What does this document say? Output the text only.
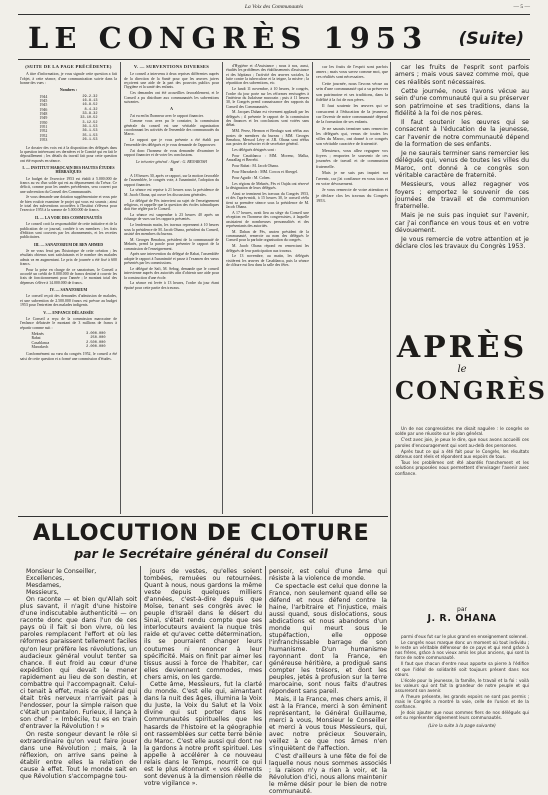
La Voix des Communautés	— 5 —
LE CONGRÈS 1953 (Suite)
(SUITE DE LA PAGE PRÉCÉDENTE)

A titre d'information, je vous signale cette question a fait l'objet, à cette séance, d'une communication suivie dans la bonne des vues :

Nombres :
1944	29-2-32
1945	16-8-13
1945	16-8-52
1946	8-4-32
1948	33-8-32
1949	33-10-52
1950	3-12-52
1951	36-1-53
1952	36-1-53
1952	35-1-53
1953	26-1-53

Le dossier des voix est à la disposition des délégués dans la question intéressant ces dernières et le Comité qui en fait le dépouillement ; les détails du travail fait pour cette question ont été exposés en séance.

I. — INSTITUT MAROCAIN DES HAUTES ÉTUDES HÉBRAÏQUES

Le budget de l'exercice 1953 est établi à 5.000.000 de francs au vu d'un solde qui est au dépassement du Trésor. Ce déficit, comme pour les années précédentes, sera couvert par une subvention du Conseil des Communautés.

Je vous demande une dotation supplémentaire et vous prie de bien vouloir examiner le projet qui vous est soumis ; ainsi le total des subventions accordées à l'Institut s'élèvera pour l'exercice 1953 à la somme de 5.000.000 de francs.

II. — LA VOIE DES COMMUNAUTÉS

Le conseil croit la responsabilité de cette initiative et de la publication de ce journal, confiée à ses membres ; les frais d'édition sont couverts par les abonnements, et les recettes publicitaires.

III. — SANATORIUM DE BEN AHMED

Je ne vous ferai pas l'historique de cette création ; les résultats obtenus sont satisfaisants et le nombre des malades admis va en augmentant. Le prix de journée a été fixé à 600 francs.

Pour la prise en charge de ce sanatorium, le Conseil a accordé un crédit de 8.000.000 de francs destiné à couvrir les frais de fonctionnement pour l'année ; le montant total des dépenses s'élève à 14.000.000 de francs.

IV. — SANATORIUM

Le conseil reçoit des demandes d'admission de malades, et une subvention de 2.500.000 francs est prévue au budget 1953 pour l'entretien des malades indigents.

V. — ENFANCE DÉLAISSÉE

Le Conseil a reçu de la commission marocaine de l'enfance délaissée le montant de 3 millions de francs à répartir comme suit :

Meknès	3.000.000
Rabat	250.000
Casablanca	2.500.000
Marrakech	2.000.000

Conformément au vœu du congrès 1952, le conseil a été saisi de cette question et a formé une commission d'études.

V. — SUBVENTIONS DIVERSES

Le conseil a intervenu à deux reprises différentes auprès de la direction de la Santé pour que les œuvres juives reçoivent une aide de la part des pouvoirs publics pour l'hygiène et la santé des enfants.

Ces demandes ont été accueillies favorablement, et le Conseil a pu distribuer aux communautés les subventions suivantes.

A

J'ai eu enfin l'honneur avec le rapport financier.

Comme vous avez pu le constater, la commission générale du conseil est une véritable organisation coordonnant les activités de l'ensemble des communautés du Maroc.

Le rapport que je vous présente a été établi par l'ensemble des délégués et je vous demande de l'approuver.

J'ai donc l'honneur de vous demander d'examiner le rapport financier et de voter les conclusions.

Le trésorier général : Signé : G. BENAROSH
B

A 18 heures 30, après ce rapport, sur la motion favorable de l'assemblée, le congrès vote, à l'unanimité, l'adoption du rapport financier.

La séance est reprise à 21 heures sous la présidence de M. Jacob Ohana, qui ouvre les discussions générales.

Le délégué de Fès intervient au sujet de l'enseignement religieux, et rappelle que la question des écoles talmudiques doit être réglée par le Conseil.

La séance est suspendue à 23 heures 40 après un échange de vues sur les rapports présentés.

Le lendemain matin, les travaux reprennent à 10 heures sous la présidence de M. Jacob Ohana, président du Conseil, assisté des membres du bureau.

M. Georges Benabou, président de la communauté de Meknès, prend la parole pour présenter le rapport de la commission de l'enseignement.

Après une intervention du délégué de Rabat, l'assemblée adopte le rapport à l'unanimité et passe à l'examen des vœux présentés par les commissions.

Le délégué de Safi, M. Sebag, demande que le conseil intervienne auprès des autorités afin d'obtenir une aide pour la construction d'une école.

La séance est levée à 13 heures, l'ordre du jour étant épuisé pour cette partie des travaux.

d'Hygiène et d'Assistance ; nous à nos, aussi, étudiés les problèmes des établissements d'assistance et des hôpitaux ; l'activité des œuvres sociales, la lutte contre la tuberculose et la teigne, la misère ; la répartition des subventions, etc.

Le lundi 11 novembre, à 10 heures, le congrès, l'ordre du jour porte sur les réformes envisagées à l'intérieur du Judaïsme marocain ; puis à 11 heures 30, le Congrès prend connaissance des rapports du Conseil des Communautés.

M. Jacques Dahan est vivement applaudi par les délégués ; il présente le rapport de la commission des finances et les conclusions sont votées sans débat.

MM. Perez, Hermon et Berdugo sont réélus aux postes de membres du bureau ; MM. Georges Benabou, Messod Lévy et J.R. Ohana sont réélus aux postes de trésorier et de secrétaire général.

Les délégués désignés sont :

Pour Casablanca : MM. Moreno, Malka, Amzallag et Berrebi.

Pour Rabat : M. Jacob Ohana.

Pour Marrakech : MM. Corcos et Abergel.

Pour Agadir : M. Cohen.

Les régions de Meknès, Fès et Oujda ont réservé la désignation de leurs délégués.

Ainsi se terminent les travaux du Congrès 1953, et dès l'après-midi, à 15 heures 30, le conseil réélu tient sa première séance sous la présidence de M. Jacob Ohana.

A 17 heures, avait lieu au siège du Conseil une réception en l'honneur des congressistes, à laquelle assistaient de nombreuses personnalités et des représentants des autorités.

M. Dahan de Fès, ancien président de la communauté, remercie au nom des délégués le Conseil pour la parfaite organisation du congrès.

M. Jacob Ohana répond en remerciant les délégués de leur participation aux travaux.

Le 13 novembre, au matin, les délégués visitèrent les œuvres de Casablanca, puis la séance de clôture eut lieu dans la salle des fêtes.

car les fruits de l'esprit sont parfois amers ; mais vous savez comme moi, que ces réalités sont nécessaires.

Cette journée, nous l'avons vécue au sein d'une communauté qui a su préserver son patrimoine et ses traditions, dans la fidélité à la foi de nos pères.

Il faut soutenir les œuvres qui se consacrent à l'éducation de la jeunesse, car l'avenir de notre communauté dépend de la formation de ses enfants.

Je ne saurais terminer sans remercier les délégués qui, venus de toutes les villes du Maroc, ont donné à ce congrès son véritable caractère de fraternité.

Messieurs, vous allez regagner vos foyers ; emportez le souvenir de ces journées de travail et de communion fraternelle.

Mais je ne suis pas inquiet sur l'avenir, car j'ai confiance en vous tous et en votre dévouement.

Je vous remercie de votre attention et je déclare clos les travaux du Congrès 1953.

car les fruits de l'esprit sont parfois amers ; mais vous savez comme moi, que ces réalités sont nécessaires.

Cette journée, nous l'avons vécue au sein d'une communauté qui a su préserver son patrimoine et ses traditions, dans la fidélité à la foi de nos pères.

Il faut soutenir les œuvres qui se consacrent à l'éducation de la jeunesse, car l'avenir de notre communauté dépend de la formation de ses enfants.

Je ne saurais terminer sans remercier les délégués qui, venus de toutes les villes du Maroc, ont donné à ce congrès son véritable caractère de fraternité.

Messieurs, vous allez regagner vos foyers ; emportez le souvenir de ces journées de travail et de communion fraternelle.

Mais je ne suis pas inquiet sur l'avenir, car j'ai confiance en vous tous et en votre dévouement.

Je vous remercie de votre attention et je déclare clos les travaux du Congrès 1953.

APRÈS
le
CONGRÈS

Un de nos congressistes me disait naguère : le congrès se solde par une réussite sur le plan général.

C'est avec joie, je peux le dire, que nous avons accueilli ces paroles d'encouragement qui vont au-delà des personnes.

Après tout ce qui a été fait pour le Congrès, les résultats obtenus sont réels et répondent aux espoirs de tous.

Tous les problèmes ont été abordés franchement et les solutions proposées nous permettent d'envisager l'avenir avec confiance.

par
J. R. OHANA

parmi d'eux fut sur le plus grand en enseignement solennel.

Le congrès nous marque donc un moment où tout individu ; le reste un véritable défenseur de ce pays et qui rend grâce à nos frères, grâce à nos vieux amis les plus anciens, qui sont la force de notre communauté.

Il faut que chacun d'entre nous apporte sa pierre à l'édifice et que l'idéal de solidarité soit toujours présent dans nos cœurs.

L'école pour la jeunesse, la famille, le travail et la foi : voilà les valeurs qui ont fait la grandeur de notre peuple et qui assureront son avenir.

A l'heure présente, les grands espoirs ne sont pas permis ; mais le Congrès a montré la voie, celle de l'union et de la confiance.

Je dois ajouter que nous sommes fiers de nos délégués qui ont su représenter dignement leurs communautés.

(Lire la suite à la page suivante)

ALLOCUTION DE CLOTURE
par le Secrétaire général du Conseil

Monsieur le Conseiller,

Excellences,

Mesdames,

Messieurs,

On raconte — et bien qu'Allah soit plus savant, il n'agit d'une histoire d'une indiscutable authenticité — on raconte donc que dans l'un de ces pays où il fait si bon vivre, où les paroles remplacent l'effort et où les réformes paraissent tellement faciles qu'on leur préfère les révolutions, un audacieux général voulut tenter sa chance. Il eut froid au cœur d'une expédition qui devait le mener rapidement au lieu de son destin, et combattre qui l'accompagnait. Celui-ci tenait à effet, mais ce général qui était très nerveux n'arrivait pas à l'endosser, pour la simple raison que c'était un pantalon. Furieux, il lança à son chef : « Imbécile, tu es en train d'entraver la Révolution ! »

On reste songeur devant le rôle si extraordinaire qu'on veut faire jouer dans une Révolution ; mais, à la réflexion, on arrive sans peine à établir entre elles la relation de cause à effet. Tout le monde sait en que Révolution s'accompagne tou-

jours de vestes, qu'elles soient tombées, remuées ou retournées. Quant à nous, nous gardons la même veste depuis quelques milliers d'années, c'est-à-dire depuis que Moïse, tenant ses congrès avec le peuple d'Israël dans le désert du Sinaï, s'était rendu compte que ses interlocuteurs avaient la nuque très raide et qu'avec cette détermination, ils se pourraient changer leurs coutumes ni renoncer à leur spécificité. Mais on finit par aimer les tissus aussi à force de l'habiter, car elles deviennent commodes, mes chers amis, on les garde.

Cette âme, Messieurs, fut la clarté du monde. C'est elle qui, aimantant dans la nuit des âges, illumina la Voix du Juste, la Voix du Salut et la Voix divine qui sut porter dans les Communautés spirituelles que les hasards de l'histoire et la géographie ont rassemblées sur cette terre bénie du Maroc. C'est elle aussi qui dont ne la gardons à notre profit spirituel. Les appelle à accélérer à ce nouveau relais dans le Temps, nourrit ce qui est le plus étonnant « vos éléments sont devenus à la dimension réelle de votre vigilance ».

pensoir, est celui d'une âme qui résiste à la violence de monde.

Ce spectacle est celui que donne la France, non seulement quand elle se défend et nous défend contre la haine, l'arbitraire et l'injustice, mais aussi quand, sous dislocations, sous abdications et nous abandons d'un monde qui meurt sous le stupéfaction, elle oppose l'infranchissable barrage de son humanisme. D'un humanisme rayonnant dont la France, en généreuse héritière, a prodigué sans compter les trésors, et dont les peuples, jetés à profusion sur la terre marocaine, sont nous faits d'autres répondent sans pareil.

Mais, il la France, mes chers amis, il est à la France, merci à son éminent représentant, le Général Guillaume, merci à vous, Monsieur le Conseiller et merci à vous tous Messieurs, qui, avec notre précieux Souverain, veillez à ce que nos âmes n'en s'inquiètent de l'affection.

C'est d'ailleurs à une fête de foi de laquelle nous nous sommes associés ; la raison n'y a rien à voir, et la Révolution d'ici, nous allons maintenir le même désir pour le bien de notre communauté.
